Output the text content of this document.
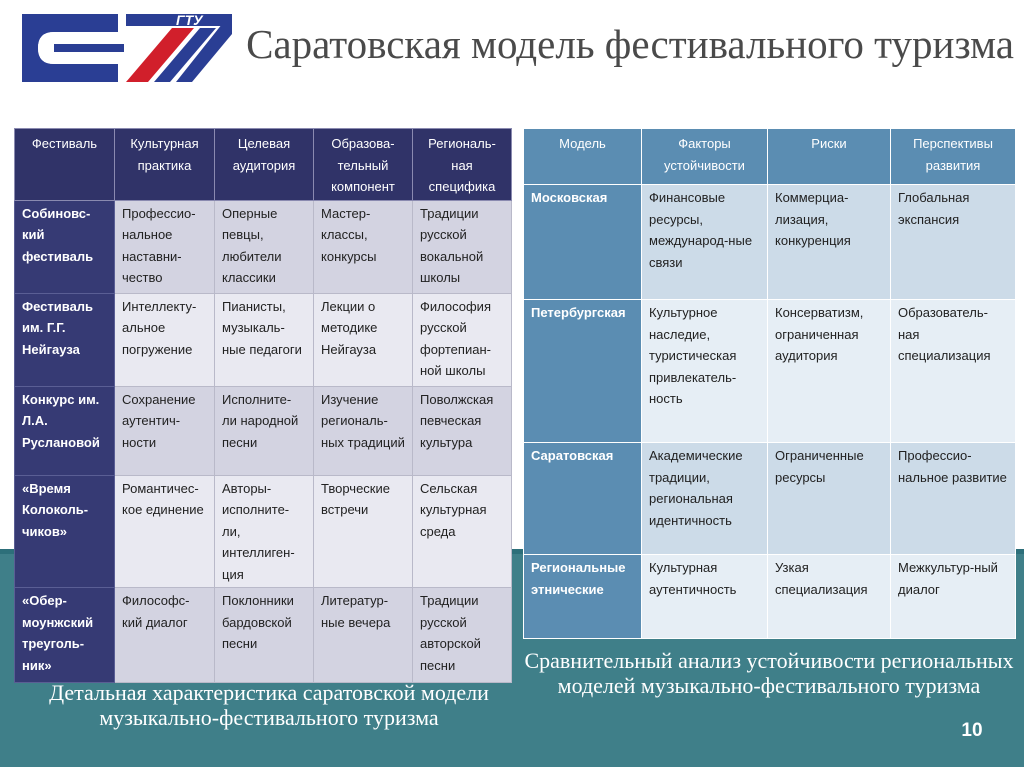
ГТУ
Саратовская модель фестивального туризма
Фестиваль	Культурная практика	Целевая аудитория	Образова-тельный компонент	Региональ-ная специфика
Собиновс-кий фестиваль	Профессио-нальное наставни-чество	Оперные певцы, любители классики	Мастер-классы, конкурсы	Традиции русской вокальной школы
Фестиваль им. Г.Г. Нейгауза	Интеллекту-альное погружение	Пианисты, музыкаль-ные педагоги	Лекции о методике Нейгауза	Философия русской фортепиан-ной школы
Конкурс им. Л.А. Руслановой	Сохранение аутентич-ности	Исполните-ли народной песни	Изучение региональ-ных традиций	Поволжская певческая культура
«Время Колоколь-чиков»	Романтичес-кое единение	Авторы-исполните-ли, интеллиген-ция	Творческие встречи	Сельская культурная среда
«Обер-моунжский треуголь-ник»	Философс-кий диалог	Поклонники бардовской песни	Литератур-ные вечера	Традиции русской авторской песни
Модель	Факторы устойчивости	Риски	Перспективы развития
Московская	Финансовые ресурсы, международ-ные связи	Коммерциа-лизация, конкуренция	Глобальная экспансия
Петербургская	Культурное наследие, туристическая привлекатель-ность	Консерватизм, ограниченная аудитория	Образователь-ная специализация
Саратовская	Академические традиции, региональная идентичность	Ограниченные ресурсы	Профессио-нальное развитие
Региональные этнические	Культурная аутентичность	Узкая специализация	Межкультур-ный диалог
Сравнительный анализ устойчивости региональных моделей музыкально-фестивального туризма
Детальная характеристика саратовской модели музыкально-фестивального туризма
10
